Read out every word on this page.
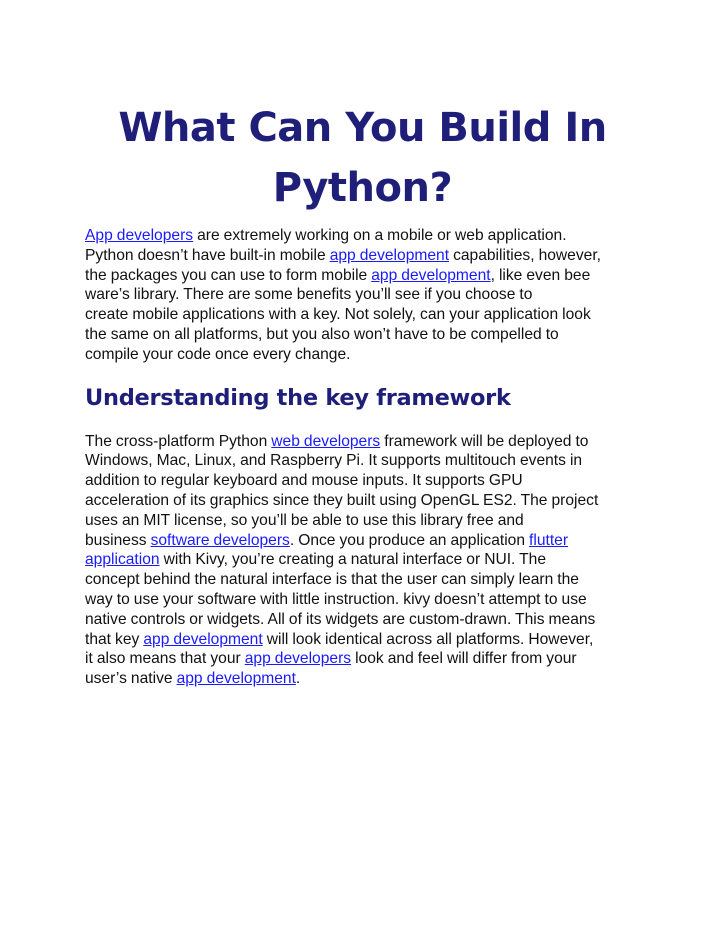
What Can You Build In
Python?

App developers are extremely working on a mobile or web application.
Python doesn’t have built-in mobile app development capabilities, however,
the packages you can use to form mobile app development, like even bee
ware’s library. There are some benefits you’ll see if you choose to
create mobile applications with a key. Not solely, can your application look
the same on all platforms, but you also won’t have to be compelled to
compile your code once every change.

Understanding the key framework

The cross-platform Python web developers framework will be deployed to
Windows, Mac, Linux, and Raspberry Pi. It supports multitouch events in
addition to regular keyboard and mouse inputs. It supports GPU
acceleration of its graphics since they built using OpenGL ES2. The project
uses an MIT license, so you’ll be able to use this library free and
business software developers. Once you produce an application flutter
application with Kivy, you’re creating a natural interface or NUI. The
concept behind the natural interface is that the user can simply learn the
way to use your software with little instruction. kivy doesn’t attempt to use
native controls or widgets. All of its widgets are custom-drawn. This means
that key app development will look identical across all platforms. However,
it also means that your app developers look and feel will differ from your
user’s native app development.
